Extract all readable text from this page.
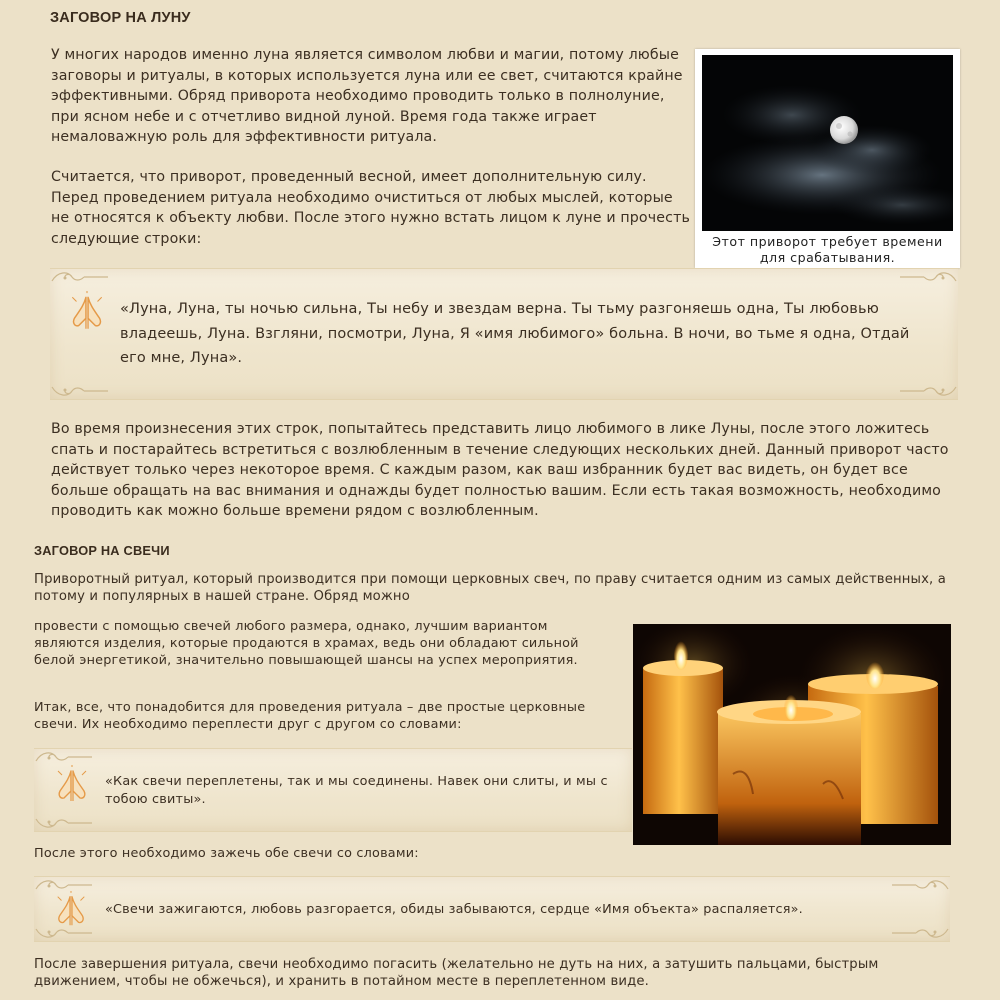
ЗАГОВОР НА ЛУНУ

У многих народов именно луна является символом любви и магии, потому любые заговоры и ритуалы, в которых используется луна или ее свет, считаются крайне эффективными. Обряд приворота необходимо проводить только в полнолуние, при ясном небе и с отчетливо видной луной. Время года также играет немаловажную роль для эффективности ритуала.

Считается, что приворот, проведенный весной, имеет дополнительную силу. Перед проведением ритуала необходимо очиститься от любых мыслей, которые не относятся к объекту любви. После этого нужно встать лицом к луне и прочесть следующие строки:	Этот приворот требует времени для срабатывания.

«Луна, Луна, ты ночью сильна, Ты небу и звездам верна. Ты тьму разгоняешь одна, Ты любовью владеешь, Луна. Взгляни, посмотри, Луна, Я «имя любимого» больна. В ночи, во тьме я одна, Отдай его мне, Луна».

Во время произнесения этих строк, попытайтесь представить лицо любимого в лике Луны, после этого ложитесь спать и постарайтесь встретиться с возлюбленным в течение следующих нескольких дней. Данный приворот часто действует только через некоторое время. С каждым разом, как ваш избранник будет вас видеть, он будет все больше обращать на вас внимания и однажды будет полностью вашим. Если есть такая возможность, необходимо проводить как можно больше времени рядом с возлюбленным.

ЗАГОВОР НА СВЕЧИ

Приворотный ритуал, который производится при помощи церковных свеч, по праву считается одним из самых действенных, а потому и популярных в нашей стране. Обряд можно

провести с помощью свечей любого размера, однако, лучшим вариантом являются изделия, которые продаются в храмах, ведь они обладают сильной белой энергетикой, значительно повышающей шансы на успех мероприятия.

Итак, все, что понадобится для проведения ритуала – две простые церковные свечи. Их необходимо переплести друг с другом со словами:

«Как свечи переплетены, так и мы соединены. Навек они слиты, и мы с тобою свиты».

После этого необходимо зажечь обе свечи со словами:

«Свечи зажигаются, любовь разгорается, обиды забываются, сердце «Имя объекта» распаляется».

После завершения ритуала, свечи необходимо погасить (желательно не дуть на них, а затушить пальцами, быстрым движением, чтобы не обжечься), и хранить в потайном месте в переплетенном виде.
